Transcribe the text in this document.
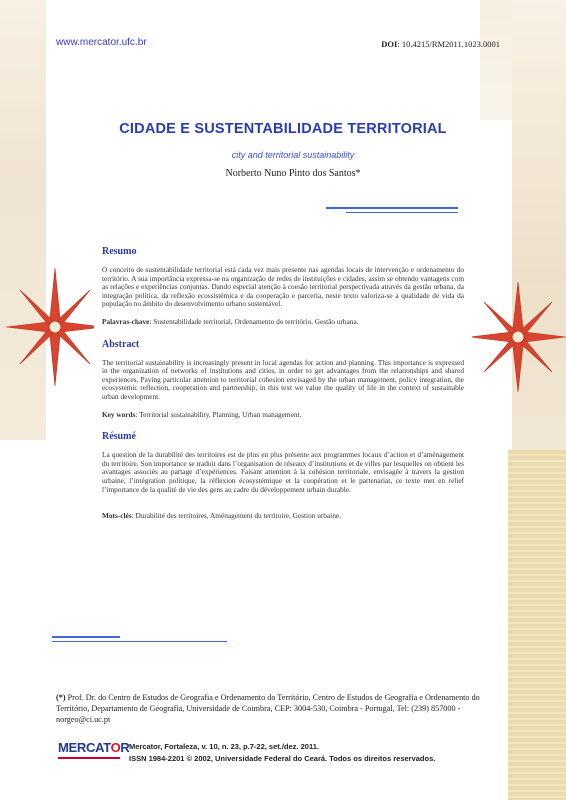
www.mercator.ufc.br	DOI: 10.4215/RM2011.1023.0001
CIDADE E SUSTENTABILIDADE TERRITORIAL
city and territorial sustainability
Norberto Nuno Pinto dos Santos*

Resumo

O conceito de sustentabilidade territorial está cada vez mais presente nas agendas locais de intervenção e ordenamento do território. A sua importância expressa-se na organização de redes de instituições e cidades, assim se obtendo vantagens com as relações e experiências conjuntas. Dando especial atenção à coesão territorial perspectivada através da gestão urbana, da integração política, da reflexão ecossistémica e da cooperação e parceria, neste texto valoriza-se a qualidade de vida da população no âmbito do desenvolvimento urbano sustentável.

Palavras-chave: Sustentabilidade territorial, Ordenamento do território, Gestão urbana.

Abstract

The territorial sustainability is increasingly present in local agendas for action and planning. This importance is expressed in the organization of networks of institutions and cities, in order to get advantages from the relationships and shared experiences. Paying particular attention to territorial cohesion envisaged by the urban management, policy integration, the ecosystemic reflection, cooperation and partnership, in this text we value the quality of life in the context of sustainable urban development.

Key words: Territorial sustainability, Planning, Urban management.

Résumé

La question de la durabilité des territoires est de plus en plus présente aux programmes locaux d’action et d’aménagement du territoire. Son importance se traduit dans l’organisation de réseaux d’institutions et de villes par lesquelles on obtient les avantages associés au partage d’expériences. Faisant attention à la cohésion territoriale, envisagée à travers la gestion urbaine, l’intégration politique, la réflexion écosystémique et la coopération et le partenariat, ce texte met en relief l’importance de la qualité de vie des gens au cadre du développement urbain durable.

Mots-clés: Durabilité des territoires, Aménagement du territoire, Gestion urbaine.

(*) Prof. Dr. do Centro de Estudos de Geografia e Ordenamento do Território, Centro de Estudos de Geografia e Ordenamento do Território, Departamento de Geografia, Universidade de Coimbra, CEP: 3004-530, Coimbra - Portugal, Tel: (239) 857000 - norgeo@ci.uc.pt
MERCATOR Mercator, Fortaleza, v. 10, n. 23, p.7-22, set./dez. 2011.
ISSN 1984-2201 © 2002, Universidade Federal do Ceará. Todos os direitos reservados.
